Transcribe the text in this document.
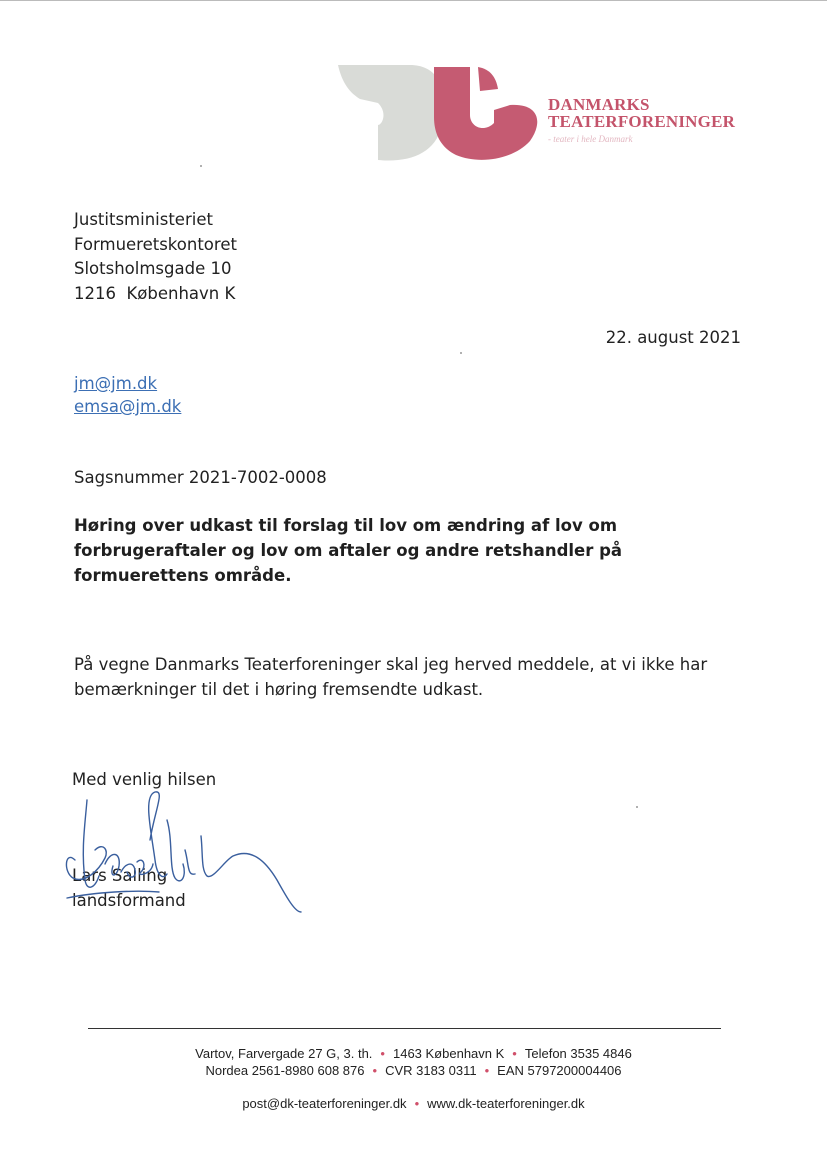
DANMARKS
TEATERFORENINGER
- teater i hele Danmark
Justitsministeriet
Formueretskontoret
Slotsholmsgade 10
1216  København K
22. august 2021
jm@jm.dk
emsa@jm.dk
Sagsnummer 2021-7002-0008
Høring over udkast til forslag til lov om ændring af lov om
forbrugeraftaler og lov om aftaler og andre retshandler på
formuerettens område.
På vegne Danmarks Teaterforeninger skal jeg herved meddele, at vi ikke har
bemærkninger til det i høring fremsendte udkast.
Med venlig hilsen
Lars Salling
landsformand
Vartov, Farvergade 27 G, 3. th. • 1463 København K • Telefon 3535 4846
Nordea 2561-8980 608 876 • CVR 3183 0311 • EAN 5797200004406
post@dk-teaterforeninger.dk • www.dk-teaterforeninger.dk
